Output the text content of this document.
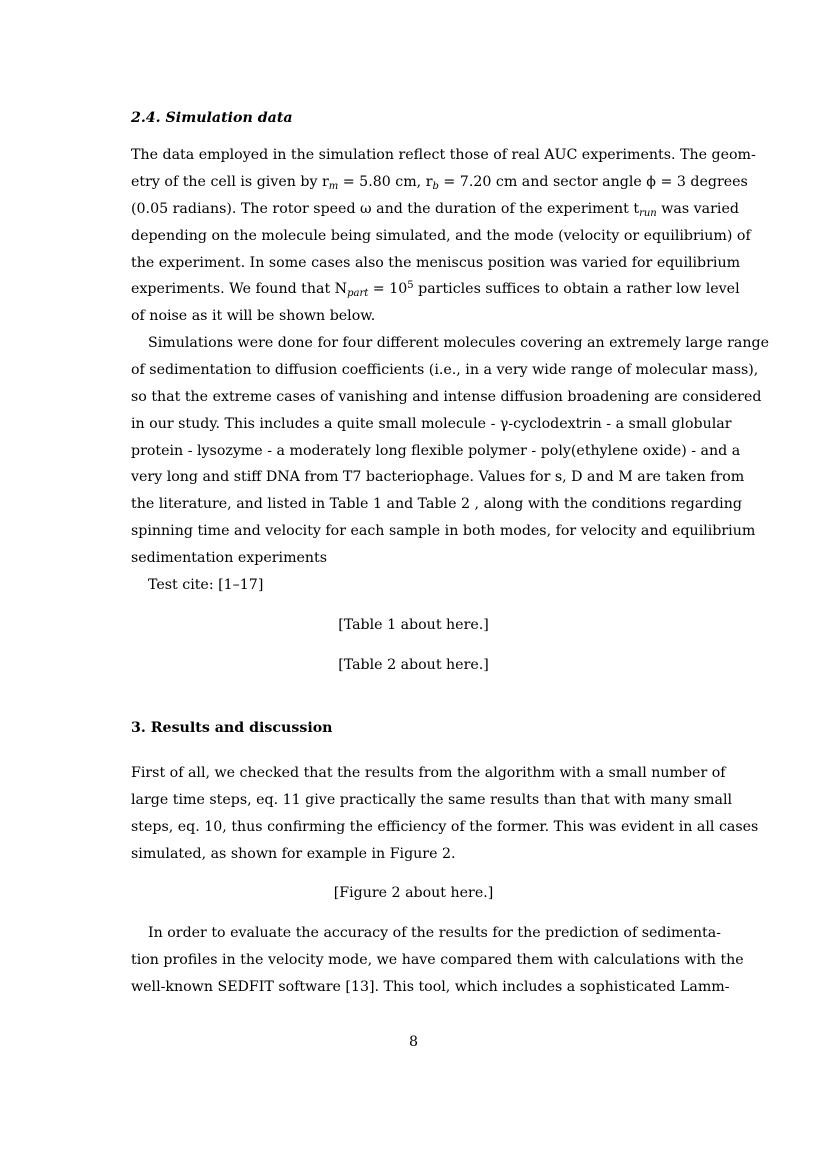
2.4. Simulation data
The data employed in the simulation reflect those of real AUC experiments. The geom-
etry of the cell is given by $r_m = 5.80$ cm, $r_b = 7.20$ cm and sector angle ϕ = 3 degrees
(0.05 radians). The rotor speed ω and the duration of the experiment $t_{run}$ was varied
depending on the molecule being simulated, and the mode (velocity or equilibrium) of
the experiment. In some cases also the meniscus position was varied for equilibrium
experiments. We found that $N_{part} = 10^5$ particles suffices to obtain a rather low level
of noise as it will be shown below.
Simulations were done for four different molecules covering an extremely large range
of sedimentation to diffusion coefficients (i.e., in a very wide range of molecular mass),
so that the extreme cases of vanishing and intense diffusion broadening are considered
in our study. This includes a quite small molecule - γ-cyclodextrin - a small globular
protein - lysozyme - a moderately long flexible polymer - poly(ethylene oxide) - and a
very long and stiff DNA from T7 bacteriophage. Values for s, D and M are taken from
the literature, and listed in Table 1 and Table 2 , along with the conditions regarding
spinning time and velocity for each sample in both modes, for velocity and equilibrium
sedimentation experiments
Test cite: [1–17]
[Table 1 about here.]
[Table 2 about here.]
3. Results and discussion
First of all, we checked that the results from the algorithm with a small number of
large time steps, eq. 11 give practically the same results than that with many small
steps, eq. 10, thus confirming the efficiency of the former. This was evident in all cases
simulated, as shown for example in Figure 2.
[Figure 2 about here.]
In order to evaluate the accuracy of the results for the prediction of sedimenta-
tion profiles in the velocity mode, we have compared them with calculations with the
well-known SEDFIT software [13]. This tool, which includes a sophisticated Lamm-
8
